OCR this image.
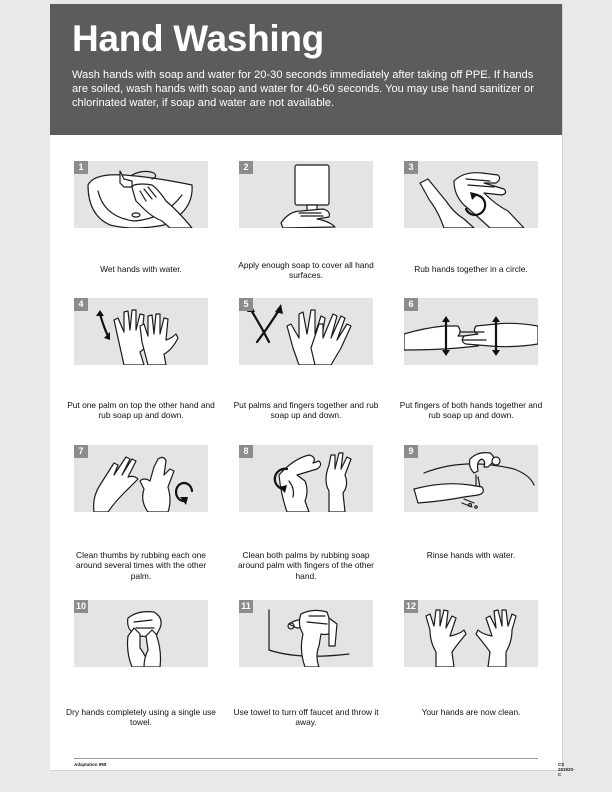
Hand Washing

Wash hands with soap and water for 20-30 seconds immediately after taking off PPE. If hands are soiled, wash hands with soap and water for 40-60 seconds. You may use hand sanitizer or chlorinated water, if soap and water are not available.

1
Wet hands with water.
2
Apply enough soap to cover all hand surfaces.
3
Rub hands together in a circle.
4
Put one palm on top the other hand and rub soap up and down.
5
Put palms and fingers together and rub soap up and down.
6
Put fingers of both hands together and rub soap up and down.
7
Clean thumbs by rubbing each one around several times with the other palm.
8
Clean both palms by rubbing soap around palm with fingers of the other hand.
9
Rinse hands with water.
10
Dry hands completely using a single use towel.
11
Use towel to turn off faucet and throw it away.
12
Your hands are now clean.
Adaptation IRB	CS 251920-C
